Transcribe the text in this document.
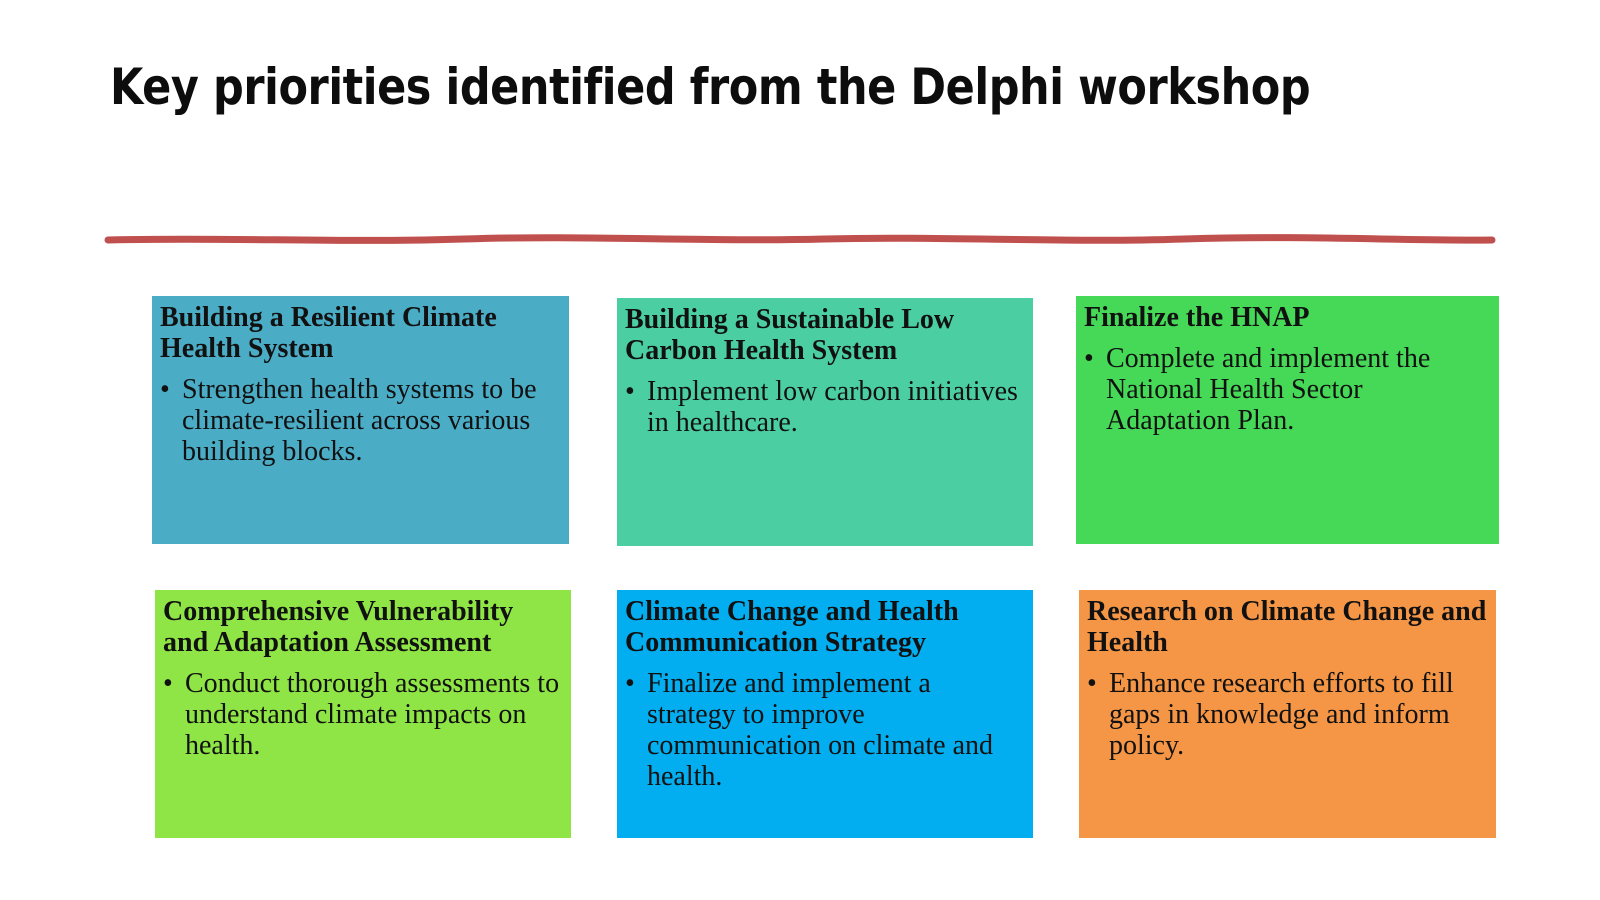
Key priorities identified from the Delphi workshop
Building a Resilient Climate Health System

• Strengthen health systems to be climate-resilient across various building blocks.

Building a Sustainable Low Carbon Health System

• Implement low carbon initiatives in healthcare.

Finalize the HNAP

• Complete and implement the National Health Sector Adaptation Plan.

Comprehensive Vulnerability and Adaptation Assessment

• Conduct thorough assessments to understand climate impacts on health.

Climate Change and Health Communication Strategy

• Finalize and implement a strategy to improve communication on climate and health.

Research on Climate Change and Health

• Enhance research efforts to fill gaps in knowledge and inform policy.
